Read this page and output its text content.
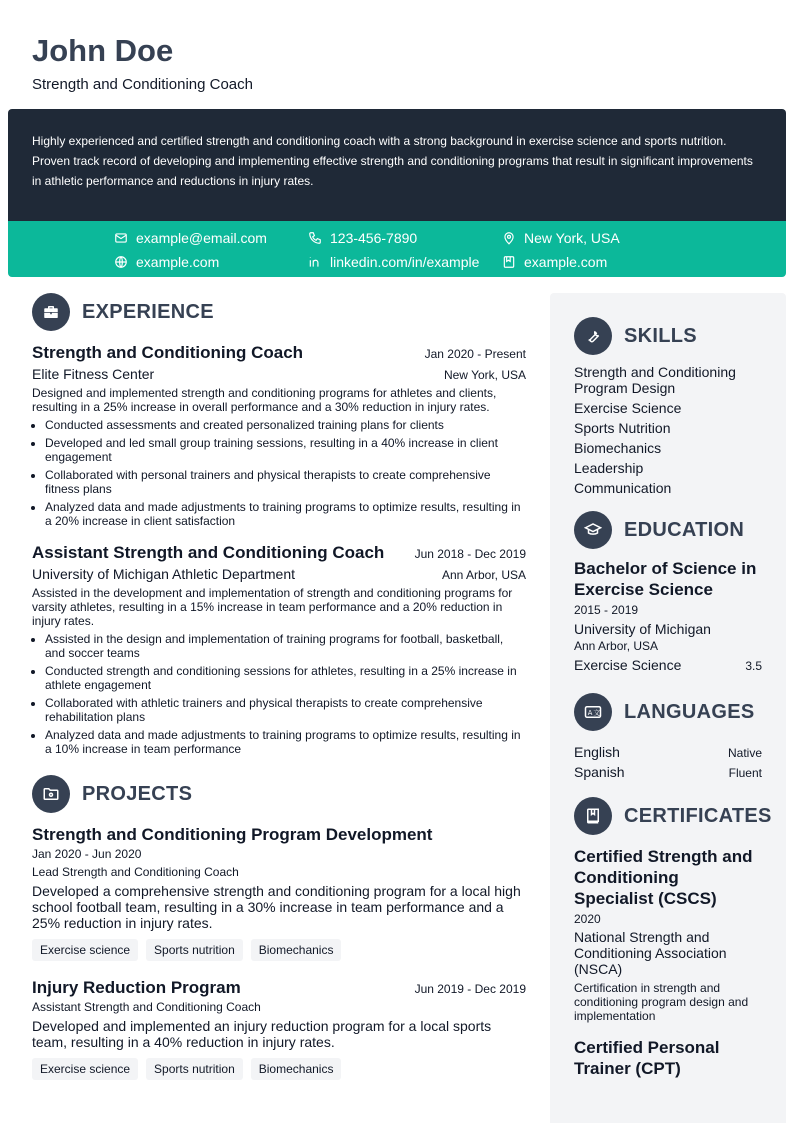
John Doe
Strength and Conditioning Coach
Highly experienced and certified strength and conditioning coach with a strong background in exercise science and sports nutrition. Proven track record of developing and implementing effective strength and conditioning programs that result in significant improvements in athletic performance and reductions in injury rates.
example@email.com	123-456-7890	New York, USA
example.com	linkedin.com/in/example	example.com
EXPERIENCE
Strength and Conditioning Coach	Jan 2020 - Present
Elite Fitness Center	New York, USA
Designed and implemented strength and conditioning programs for athletes and clients, resulting in a 25% increase in overall performance and a 30% reduction in injury rates.
• Conducted assessments and created personalized training plans for clients
• Developed and led small group training sessions, resulting in a 40% increase in client engagement
• Collaborated with personal trainers and physical therapists to create comprehensive fitness plans
• Analyzed data and made adjustments to training programs to optimize results, resulting in a 20% increase in client satisfaction
Assistant Strength and Conditioning Coach	Jun 2018 - Dec 2019
University of Michigan Athletic Department	Ann Arbor, USA
Assisted in the development and implementation of strength and conditioning programs for varsity athletes, resulting in a 15% increase in team performance and a 20% reduction in injury rates.
• Assisted in the design and implementation of training programs for football, basketball, and soccer teams
• Conducted strength and conditioning sessions for athletes, resulting in a 25% increase in athlete engagement
• Collaborated with athletic trainers and physical therapists to create comprehensive rehabilitation plans
• Analyzed data and made adjustments to training programs to optimize results, resulting in a 10% increase in team performance
PROJECTS
Strength and Conditioning Program Development
Jan 2020 - Jun 2020
Lead Strength and Conditioning Coach
Developed a comprehensive strength and conditioning program for a local high school football team, resulting in a 30% increase in team performance and a 25% reduction in injury rates.
Exercise science	Sports nutrition	Biomechanics
Injury Reduction Program	Jun 2019 - Dec 2019
Assistant Strength and Conditioning Coach
Developed and implemented an injury reduction program for a local sports team, resulting in a 40% reduction in injury rates.
Exercise science	Sports nutrition	Biomechanics
SKILLS
Strength and Conditioning Program Design
Exercise Science
Sports Nutrition
Biomechanics
Leadership
Communication
EDUCATION
Bachelor of Science in Exercise Science
2015 - 2019
University of Michigan
Ann Arbor, USA
Exercise Science	3.5
A 文 LANGUAGES
English	Native
Spanish	Fluent
CERTIFICATES
Certified Strength and Conditioning Specialist (CSCS)
2020
National Strength and Conditioning Association (NSCA)
Certification in strength and conditioning program design and implementation
Certified Personal Trainer (CPT)
